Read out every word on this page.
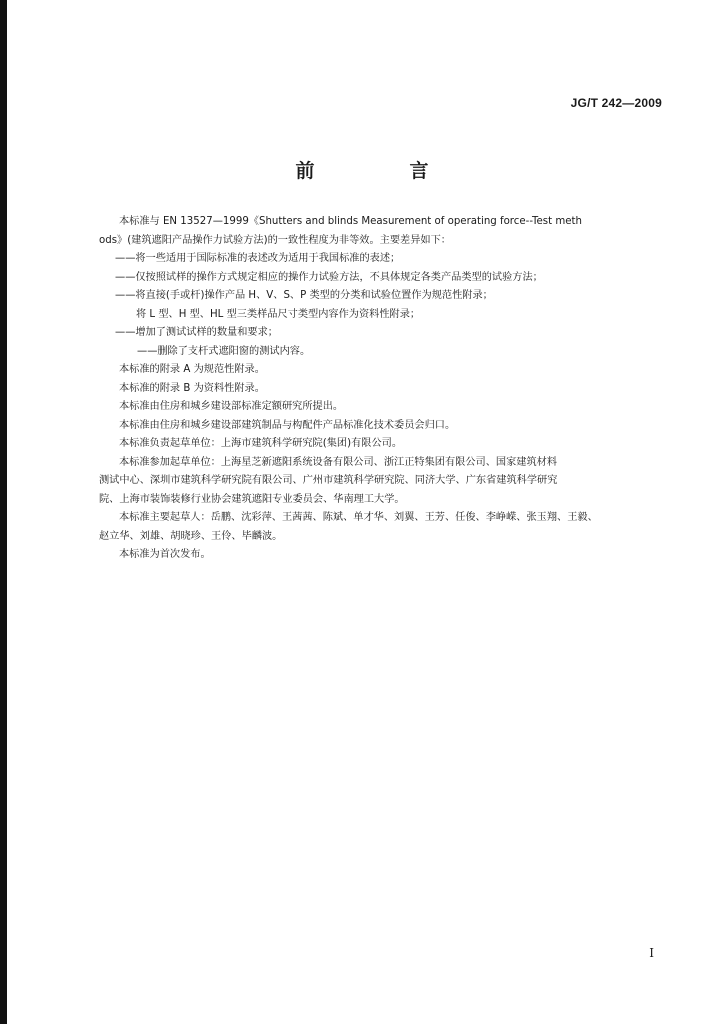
JG/T 242—2009
前　言

本标准与 EN 13527—1999《Shutters and blinds Measurement of operating force--Test meth

ods》(建筑遮阳产品操作力试验方法)的一致性程度为非等效。主要差异如下：

——将一些适用于国际标准的表述改为适用于我国标准的表述；

——仅按照试样的操作方式规定相应的操作力试验方法，不具体规定各类产品类型的试验方法；

——将直接(手或杆)操作产品 H、V、S、P 类型的分类和试验位置作为规范性附录；

将 L 型、H 型、HL 型三类样品尺寸类型内容作为资料性附录；

——增加了测试试样的数量和要求；

——删除了支杆式遮阳窗的测试内容。

本标准的附录 A 为规范性附录。

本标准的附录 B 为资料性附录。

本标准由住房和城乡建设部标准定额研究所提出。

本标准由住房和城乡建设部建筑制品与构配件产品标准化技术委员会归口。

本标准负责起草单位：上海市建筑科学研究院(集团)有限公司。

本标准参加起草单位：上海星芝新遮阳系统设备有限公司、浙江正特集团有限公司、国家建筑材料

测试中心、深圳市建筑科学研究院有限公司、广州市建筑科学研究院、同济大学、广东省建筑科学研究

院、上海市装饰装修行业协会建筑遮阳专业委员会、华南理工大学。

本标准主要起草人：岳鹏、沈彩萍、王茜茜、陈斌、单才华、刘翼、王芳、任俊、李峥嵘、张玉翔、王毅、

赵立华、刘雄、胡晓珍、王伶、毕麟波。

本标准为首次发布。

I
